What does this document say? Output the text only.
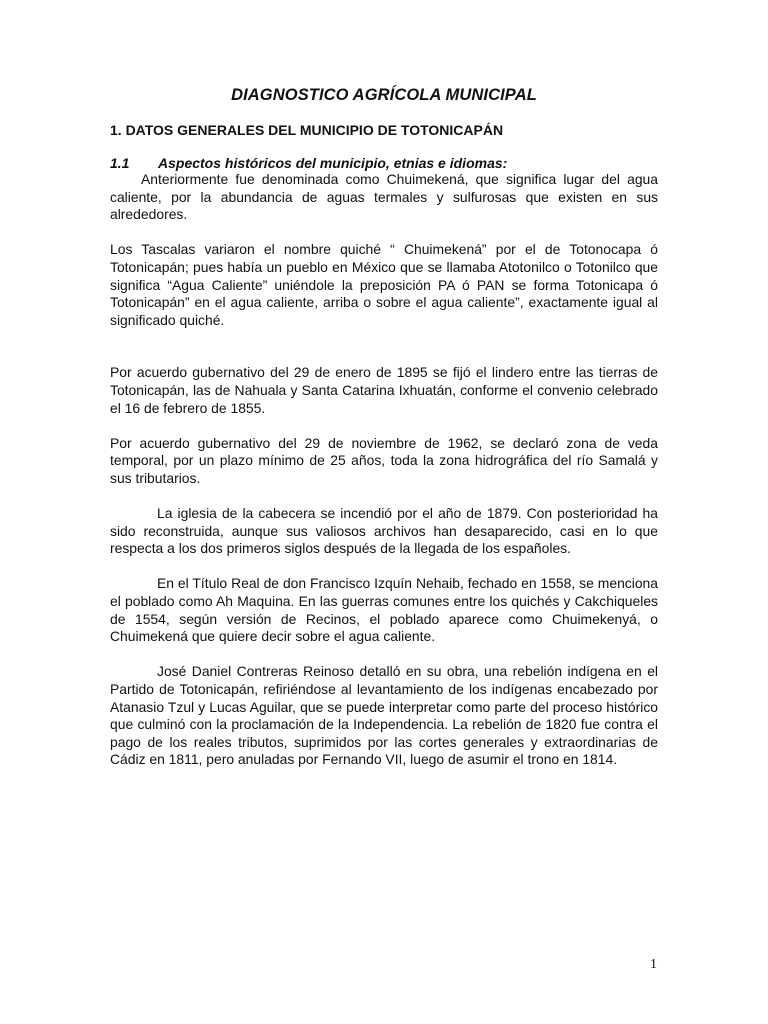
DIAGNOSTICO AGRÍCOLA MUNICIPAL
1. DATOS GENERALES DEL MUNICIPIO DE TOTONICAPÁN
1.1 Aspectos históricos del municipio, etnias e idiomas:

Anteriormente fue denominada como Chuimekená, que significa lugar del agua caliente, por la abundancia de aguas termales y sulfurosas que existen en sus alrededores.

Los Tascalas variaron el nombre quiché “ Chuimekená” por el de Totonocapa ó Totonicapán; pues había un pueblo en Méxicо que se llamaba Atotonilco o Totonilco que significa “Agua Caliente” uniéndole la preposición PA ó PAN se forma Totonicapa ó Totonicapán” en el agua caliente, arriba o sobre el agua caliente”, exactamente igual al significado quiché.

Por acuerdo gubernativo del 29 de enero de 1895 se fijó el lindero entre las tierras de Totonicapán, las de Nahuala y Santa Catarina Ixhuatán, conforme el convenio celebrado el 16 de febrero de 1855.

Por acuerdo gubernativo del 29 de noviembre de 1962, se declaró zona de veda temporal, por un plazo mínimo de 25 años, toda la zona hidrográfica del río Samalá y sus tributarios.

La iglesia de la cabecera se incendió por el año de 1879. Con posterioridad ha sido reconstruida, aunque sus valiosos archivos han desaparecido, casi en lo que respecta a los dos primeros siglos después de la llegada de los españoles.

En el Título Real de don Francisco Izquín Nehaib, fechado en 1558, se menciona el poblado como Ah Maquina. En las guerras comunes entre los quichés y Cakchiqueles de 1554, según versión de Recinos, el poblado aparece como Chuimekenyá, o Chuimekená que quiere decir sobre el agua caliente.

José Daniel Contreras Reinoso detalló en su obra, una rebelión indígena en el Partido de Totonicapán, refiriéndose al levantamiento de los indígenas encabezado por Atanasio Tzul y Lucas Aguilar, que se puede interpretar como parte del proceso histórico que culminó con la proclamación de la Independencia. La rebelión de 1820 fue contra el pago de los reales tributos, suprimidos por las cortes generales y extraordinarias de Cádiz en 1811, pero anuladas por Fernando VII, luego de asumir el trono en 1814.

1
